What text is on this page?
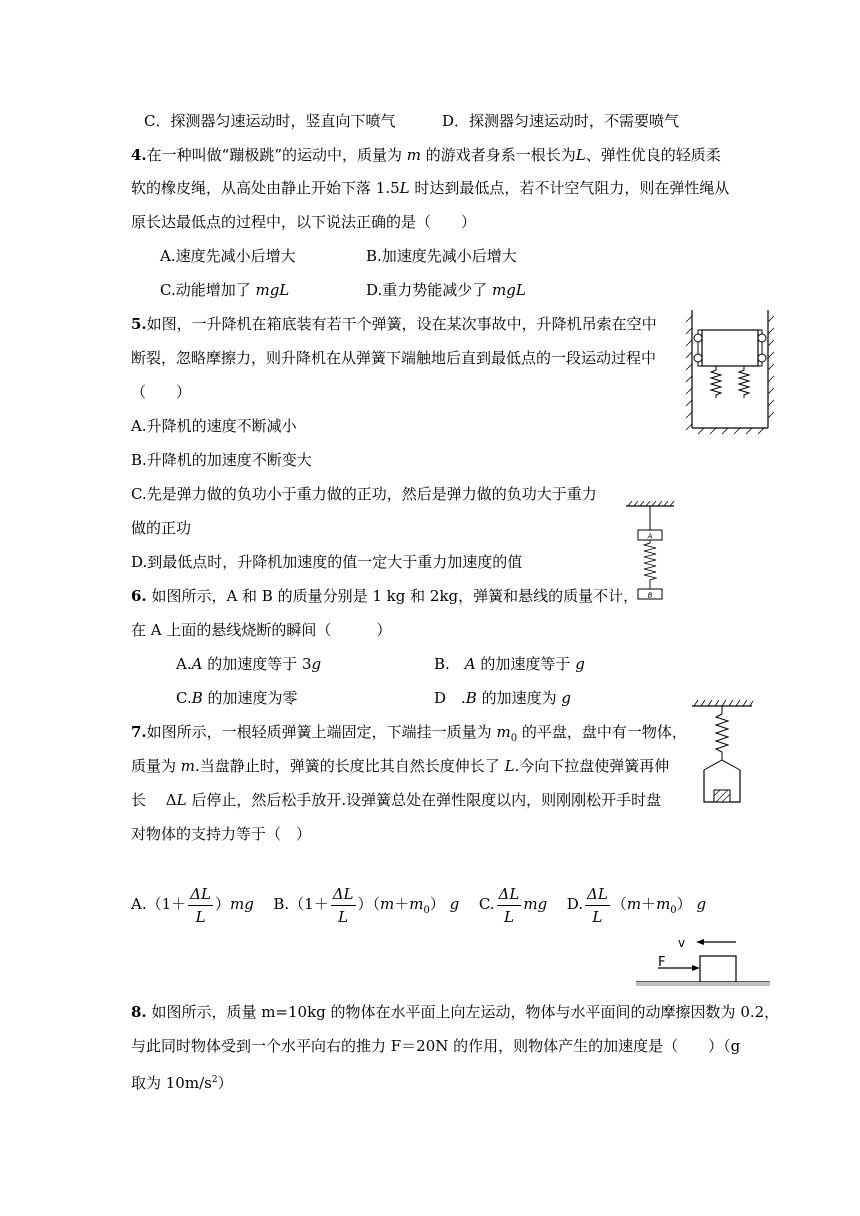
C．探测器匀速运动时，竖直向下喷气	D．探测器匀速运动时，不需要喷气
4.在一种叫做“蹦极跳”的运动中，质量为 m 的游戏者身系一根长为L、弹性优良的轻质柔
软的橡皮绳，从高处由静止开始下落 1.5L 时达到最低点，若不计空气阻力，则在弹性绳从
原长达最低点的过程中，以下说法正确的是（　　）
A.速度先减小后增大	B.加速度先减小后增大
C.动能增加了 mgL	D.重力势能减少了 mgL
5.如图，一升降机在箱底装有若干个弹簧，设在某次事故中，升降机吊索在空中
断裂，忽略摩擦力，则升降机在从弹簧下端触地后直到最低点的一段运动过程中
（　　）
A.升降机的速度不断减小
B.升降机的加速度不断变大
C.先是弹力做的负功小于重力做的正功，然后是弹力做的负功大于重力
做的正功
D.到最低点时，升降机加速度的值一定大于重力加速度的值
6. 如图所示，A 和 B 的质量分别是 1 kg 和 2kg，弹簧和悬线的质量不计，
在 A 上面的悬线烧断的瞬间（　　　）
A.A 的加速度等于 3g	B.　A 的加速度等于 g
C.B 的加速度为零	D　.B 的加速度为 g
A
B
7.如图所示，一根轻质弹簧上端固定，下端挂一质量为 $m_0$ 的平盘，盘中有一物体，
质量为 m.当盘静止时，弹簧的长度比其自然长度伸长了 L.今向下拉盘使弹簧再伸
长　 ΔL 后停止，然后松手放开.设弹簧总处在弹性限度以内，则刚刚松开手时盘
对物体的支持力等于（　）
$A.(1+ \frac{\Delta L}{L} )mg$ $B.(1+ \frac{\Delta L}{L} )(m+m_0)$ g C. $\frac{\Delta L}{L}$ mg D. $\frac{\Delta L}{L} (m+m_0)$ g
v
F
8. 如图所示，质量 m=10kg 的物体在水平面上向左运动，物体与水平面间的动摩擦因数为 0.2，
与此同时物体受到一个水平向右的推力 F＝20N 的作用，则物体产生的加速度是（　　）（g
取为 $10m/s^2$）
